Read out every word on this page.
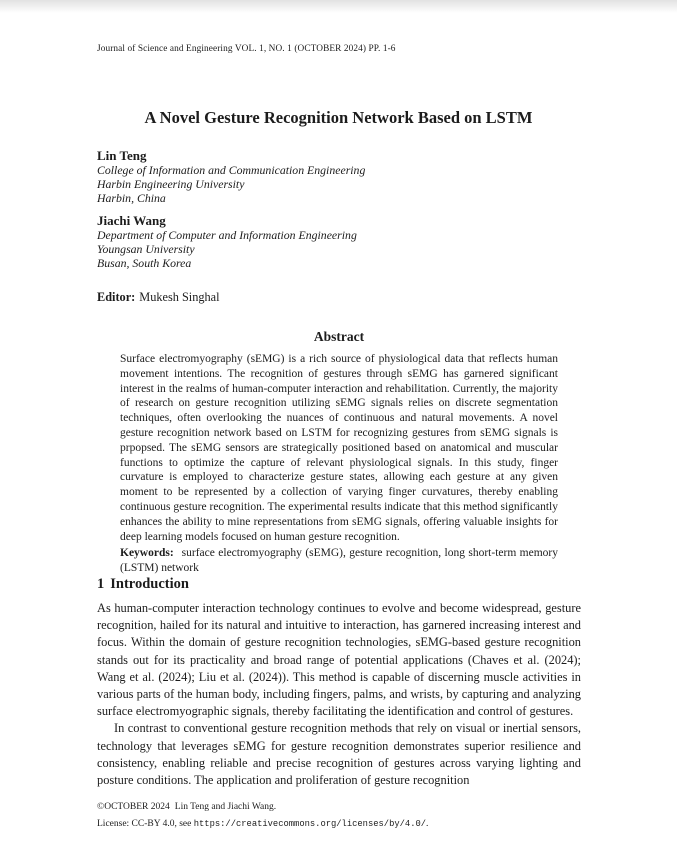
Journal of Science and Engineering VOL. 1, NO. 1 (OCTOBER 2024) PP. 1-6
A Novel Gesture Recognition Network Based on LSTM
Lin Teng
College of Information and Communication Engineering
Harbin Engineering University
Harbin, China
Jiachi Wang
Department of Computer and Information Engineering
Youngsan University
Busan, South Korea
Editor: Mukesh Singhal
Abstract

Surface electromyography (sEMG) is a rich source of physiological data that reflects human movement intentions. The recognition of gestures through sEMG has garnered significant interest in the realms of human-computer interaction and rehabilitation. Currently, the majority of research on gesture recognition utilizing sEMG signals relies on discrete segmentation techniques, often overlooking the nuances of continuous and natural movements. A novel gesture recognition network based on LSTM for recognizing gestures from sEMG signals is prpopsed. The sEMG sensors are strategically positioned based on anatomical and muscular functions to optimize the capture of relevant physiological signals. In this study, finger curvature is employed to characterize gesture states, allowing each gesture at any given moment to be represented by a collection of varying finger curvatures, thereby enabling continuous gesture recognition. The experimental results indicate that this method significantly enhances the ability to mine representations from sEMG signals, offering valuable insights for deep learning models focused on human gesture recognition.

Keywords: surface electromyography (sEMG), gesture recognition, long short-term memory (LSTM) network

1 Introduction

As human-computer interaction technology continues to evolve and become widespread, gesture recognition, hailed for its natural and intuitive to interaction, has garnered increasing interest and focus. Within the domain of gesture recognition technologies, sEMG-based gesture recognition stands out for its practicality and broad range of potential applications (Chaves et al. (2024); Wang et al. (2024); Liu et al. (2024)). This method is capable of discerning muscle activities in various parts of the human body, including fingers, palms, and wrists, by capturing and analyzing surface electromyographic signals, thereby facilitating the identification and control of gestures.

In contrast to conventional gesture recognition methods that rely on visual or inertial sensors, technology that leverages sEMG for gesture recognition demonstrates superior resilience and consistency, enabling reliable and precise recognition of gestures across varying lighting and posture conditions. The application and proliferation of gesture recognition

©OCTOBER 2024 Lin Teng and Jiachi Wang.
License: CC-BY 4.0, see https://creativecommons.org/licenses/by/4.0/.
